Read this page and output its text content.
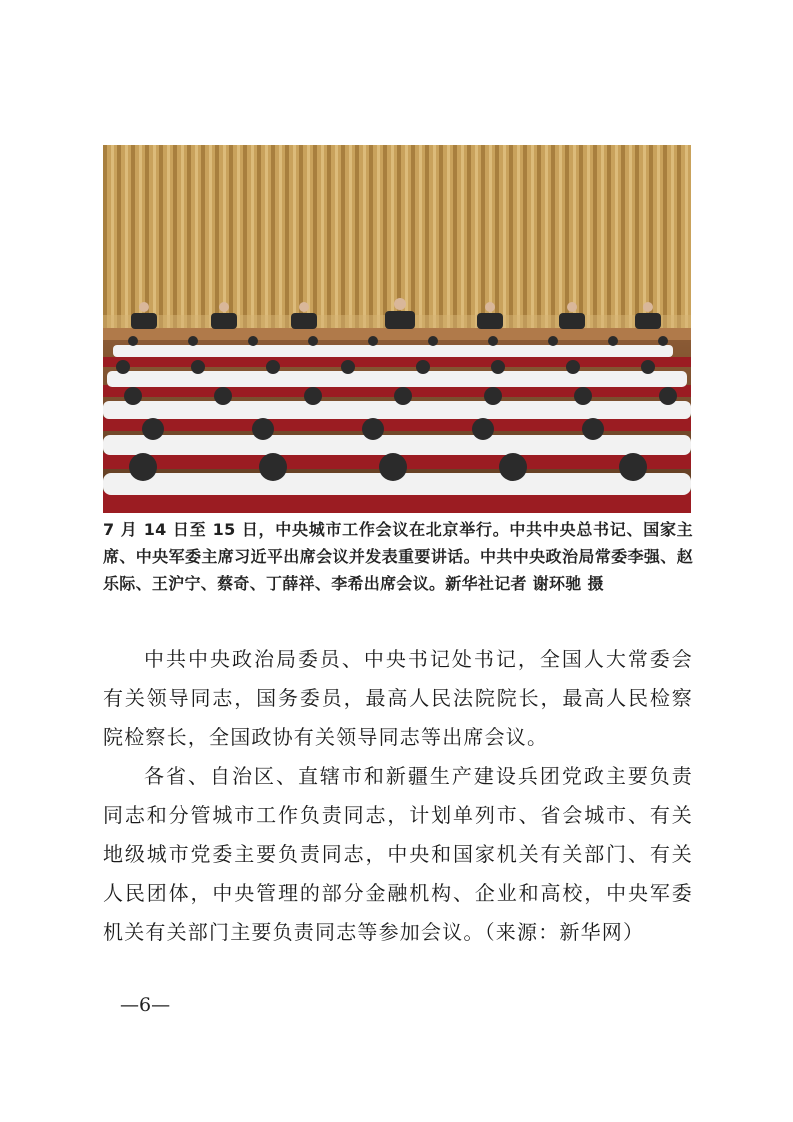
7 月 14 日至 15 日，中央城市工作会议在北京举行。中共中央总书记、国家主席、中央军委主席习近平出席会议并发表重要讲话。中共中央政治局常委李强、赵乐际、王沪宁、蔡奇、丁薛祥、李希出席会议。新华社记者 谢环驰 摄

中共中央政治局委员、中央书记处书记，全国人大常委会有关领导同志，国务委员，最高人民法院院长，最高人民检察院检察长，全国政协有关领导同志等出席会议。

各省、自治区、直辖市和新疆生产建设兵团党政主要负责同志和分管城市工作负责同志，计划单列市、省会城市、有关地级城市党委主要负责同志，中央和国家机关有关部门、有关人民团体，中央管理的部分金融机构、企业和高校，中央军委机关有关部门主要负责同志等参加会议。（来源：新华网）

—6—
